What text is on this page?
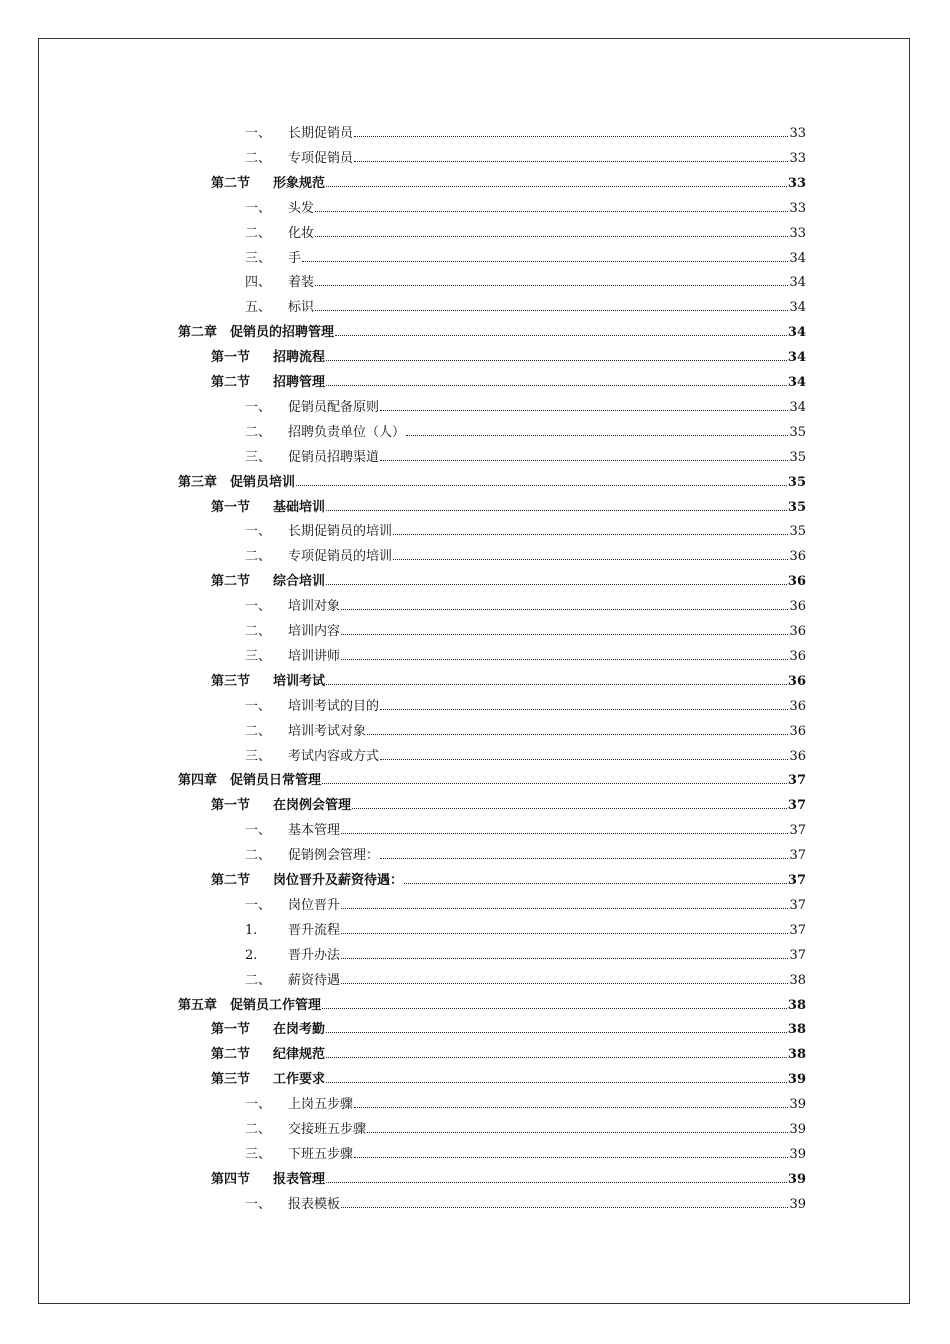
一、	长期促销员	33
二、	专项促销员	33
第二节	形象规范	33
一、	头发	33
二、	化妆	33
三、	手	34
四、	着装	34
五、	标识	34
第二章 促销员的招聘管理	34
第一节	招聘流程	34
第二节	招聘管理	34
一、	促销员配备原则	34
二、	招聘负责单位（人）	35
三、	促销员招聘渠道	35
第三章 促销员培训	35
第一节	基础培训	35
一、	长期促销员的培训	35
二、	专项促销员的培训	36
第二节	综合培训	36
一、	培训对象	36
二、	培训内容	36
三、	培训讲师	36
第三节	培训考试	36
一、	培训考试的目的	36
二、	培训考试对象	36
三、	考试内容或方式	36
第四章 促销员日常管理	37
第一节	在岗例会管理	37
一、	基本管理	37
二、	促销例会管理：	37
第二节	岗位晋升及薪资待遇：	37
一、	岗位晋升	37
1.	晋升流程	37
2.	晋升办法	37
二、	薪资待遇	38
第五章 促销员工作管理	38
第一节	在岗考勤	38
第二节	纪律规范	38
第三节	工作要求	39
一、	上岗五步骤	39
二、	交接班五步骤	39
三、	下班五步骤	39
第四节	报表管理	39
一、	报表模板	39
